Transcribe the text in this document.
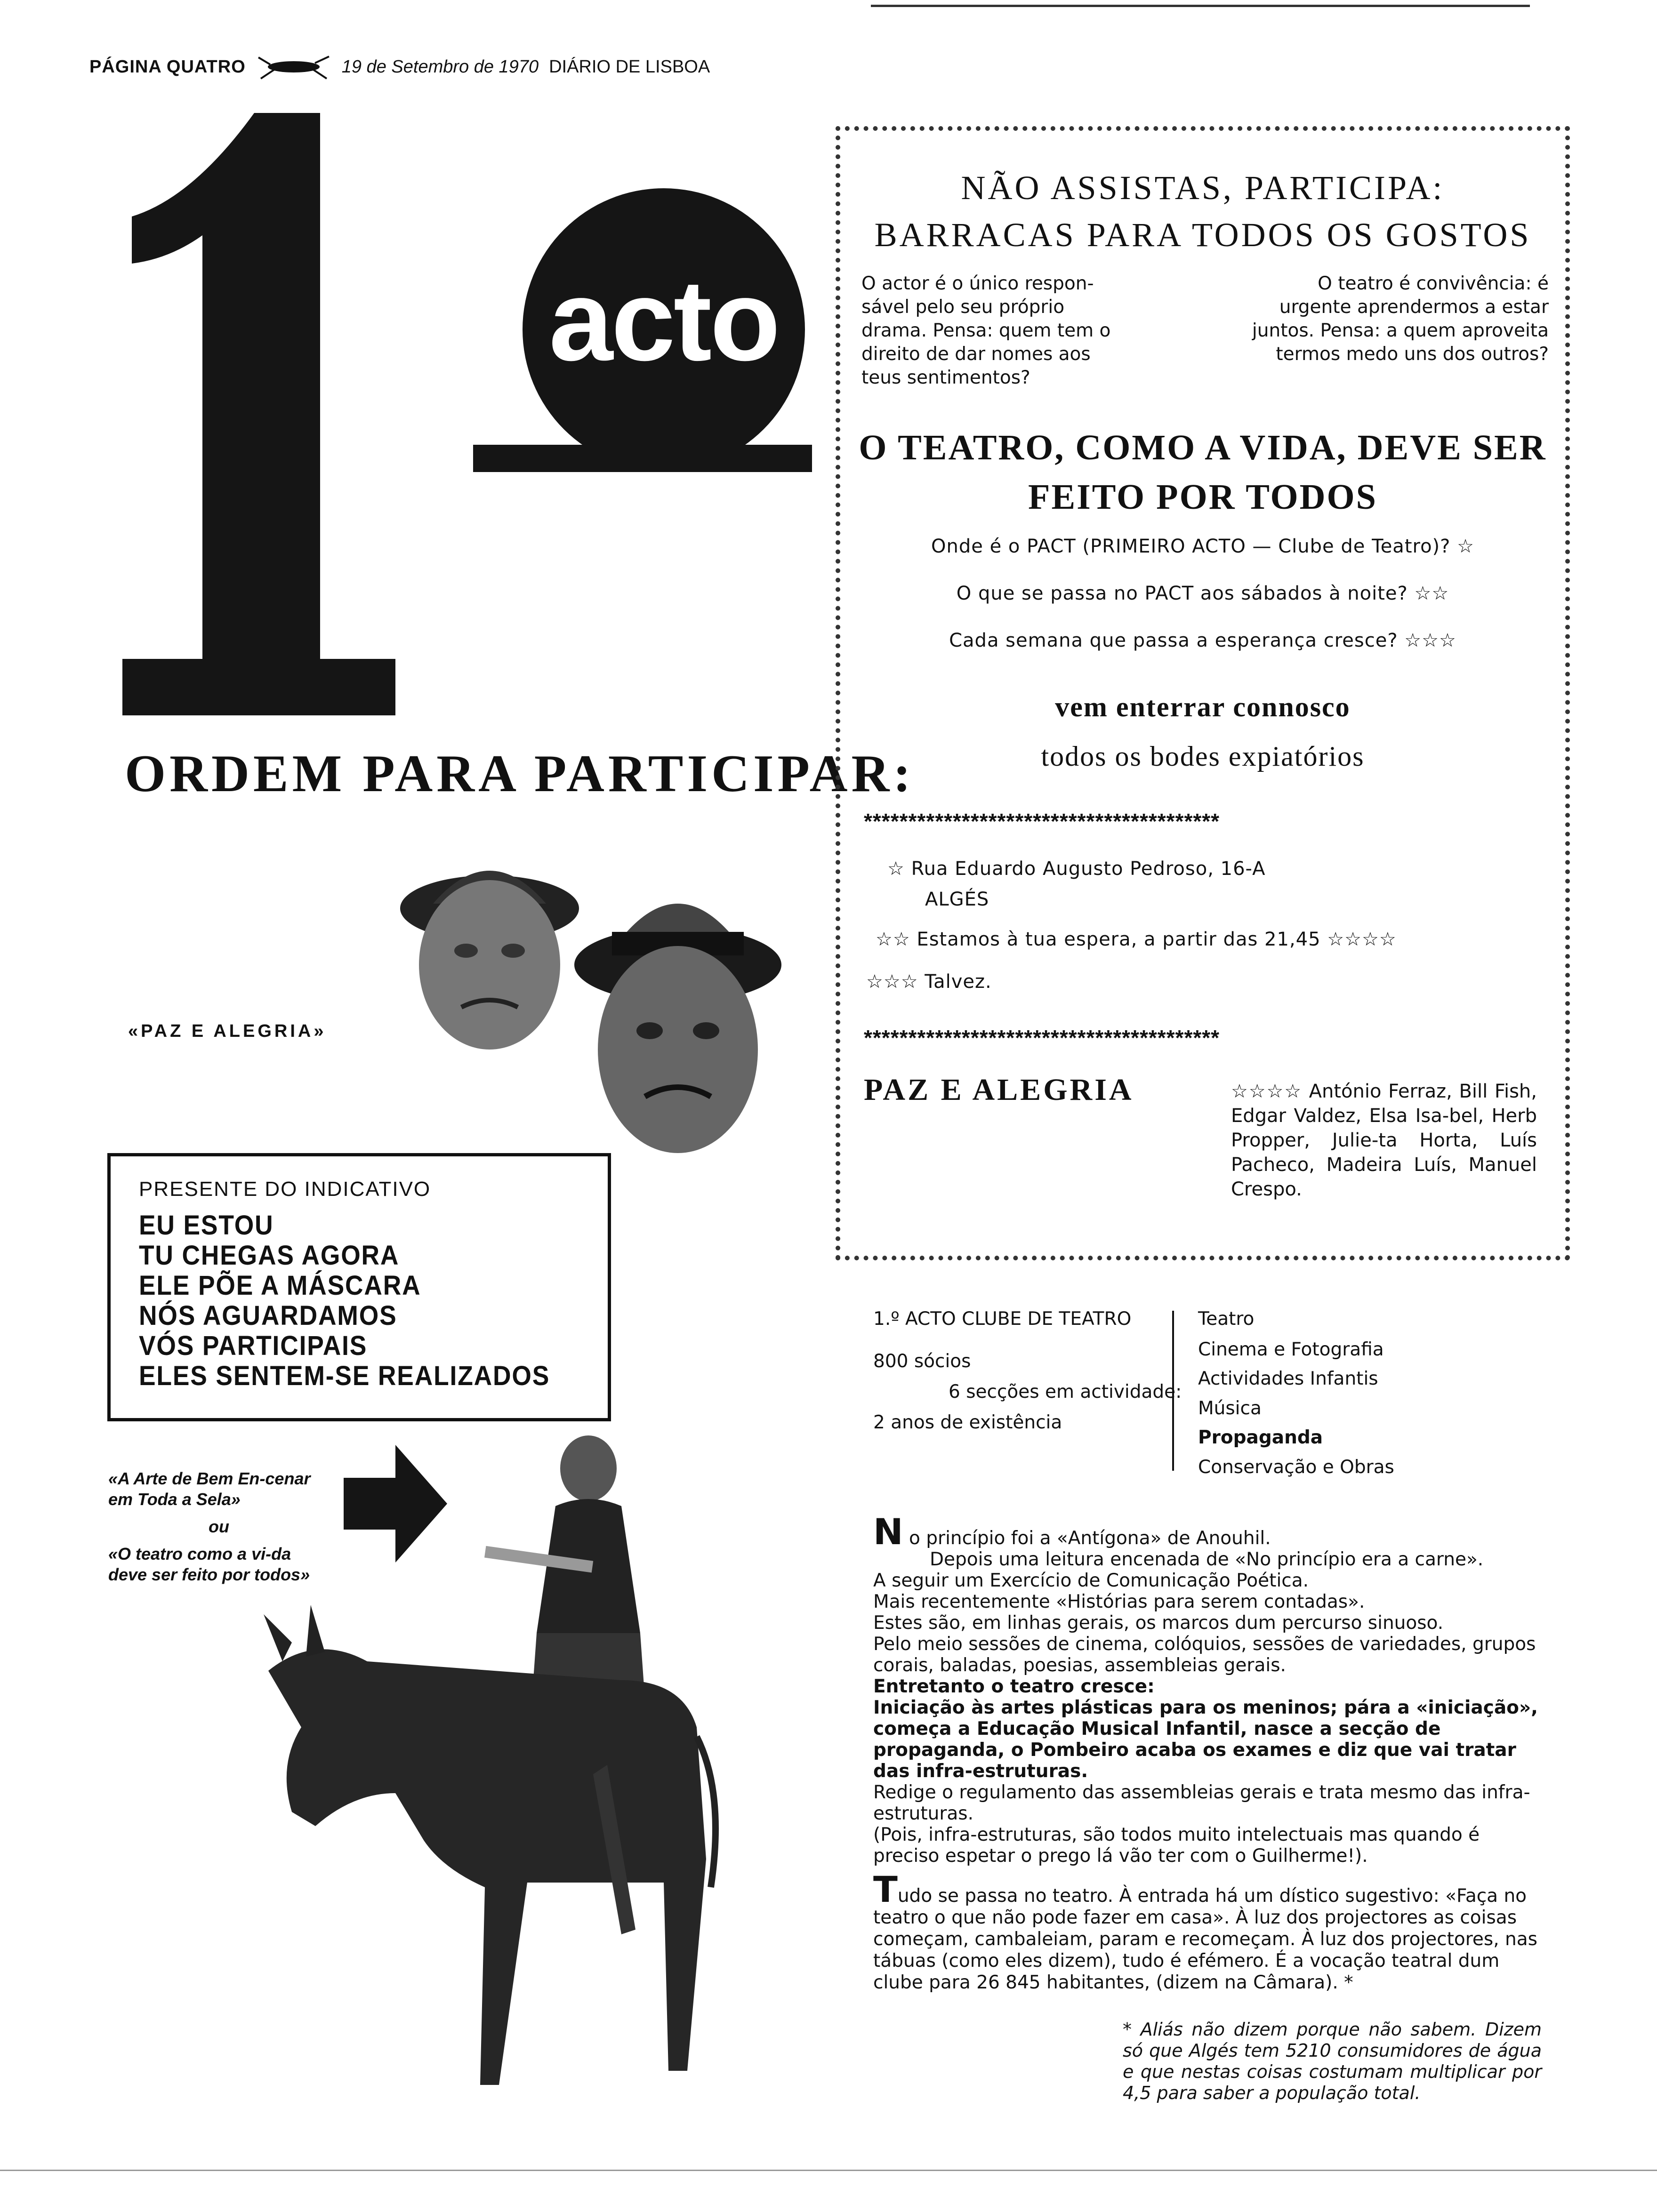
PÁGINA QUATRO	19 de Setembro de 1970 DIÁRIO DE LISBOA
acto
ORDEM PARA PARTICIPAR:
«PAZ E ALEGRIA»
PRESENTE DO INDICATIVO
EU ESTOU
TU CHEGAS AGORA
ELE PÕE A MÁSCARA
NÓS AGUARDAMOS
VÓS PARTICIPAIS
ELES SENTEM-SE REALIZADOS
«A Arte de Bem En-cenar em Toda a Sela»
ou
«O teatro como a vi-da deve ser feito por todos»
NÃO ASSISTAS, PARTICIPA:
BARRACAS PARA TODOS OS GOSTOS
O actor é o único respon-sável pelo seu próprio drama. Pensa: quem tem o direito de dar nomes aos teus sentimentos?
O teatro é convivência: é urgente aprendermos a estar juntos. Pensa: a quem aproveita termos medo uns dos outros?
O TEATRO, COMO A VIDA, DEVE SER
FEITO POR TODOS
Onde é o PACT (PRIMEIRO ACTO — Clube de Teatro)? ☆
O que se passa no PACT aos sábados à noite? ☆☆
Cada semana que passa a esperança cresce? ☆☆☆
vem enterrar connosco
todos os bodes expiatórios
****************************************
☆ Rua Eduardo Augusto Pedroso, 16-A
ALGÉS
☆☆ Estamos à tua espera, a partir das 21,45 ☆☆☆☆
☆☆☆ Talvez.
****************************************
PAZ E ALEGRIA	☆☆☆☆ António Ferraz, Bill Fish, Edgar Valdez, Elsa Isa-bel, Herb Propper, Julie-ta Horta, Luís Pacheco, Madeira Luís, Manuel Crespo.
1.º ACTO CLUBE DE TEATRO
800 sócios
6 secções em actividade:
2 anos de existência
Teatro
Cinema e Fotografia
Actividades Infantis
Música
Propaganda
Conservação e Obras

N o princípio foi a «Antígona» de Anouhil.

Depois uma leitura encenada de «No princípio era a carne».

A seguir um Exercício de Comunicação Poética.

Mais recentemente «Histórias para serem contadas».

Estes são, em linhas gerais, os marcos dum percurso sinuoso.

Pelo meio sessões de cinema, colóquios, sessões de variedades, grupos corais, baladas, poesias, assembleias gerais.

Entretanto o teatro cresce:

Iniciação às artes plásticas para os meninos; pára a «iniciação», começa a Educação Musical Infantil, nasce a secção de propaganda, o Pombeiro acaba os exames e diz que vai tratar das infra-estruturas.

Redige o regulamento das assembleias gerais e trata mesmo das infra-estruturas.

(Pois, infra-estruturas, são todos muito intelectuais mas quando é preciso espetar o prego lá vão ter com o Guilherme!).

Tudo se passa no teatro. À entrada há um dístico sugestivo: «Faça no teatro o que não pode fazer em casa». À luz dos projectores as coisas começam, cambaleiam, param e recomeçam. À luz dos projectores, nas tábuas (como eles dizem), tudo é efémero. É a vocação teatral dum clube para 26 845 habitantes, (dizem na Câmara). *

* Aliás não dizem porque não sabem. Dizem só que Algés tem 5210 consumidores de água e que nestas coisas costumam multiplicar por 4,5 para saber a população total.
